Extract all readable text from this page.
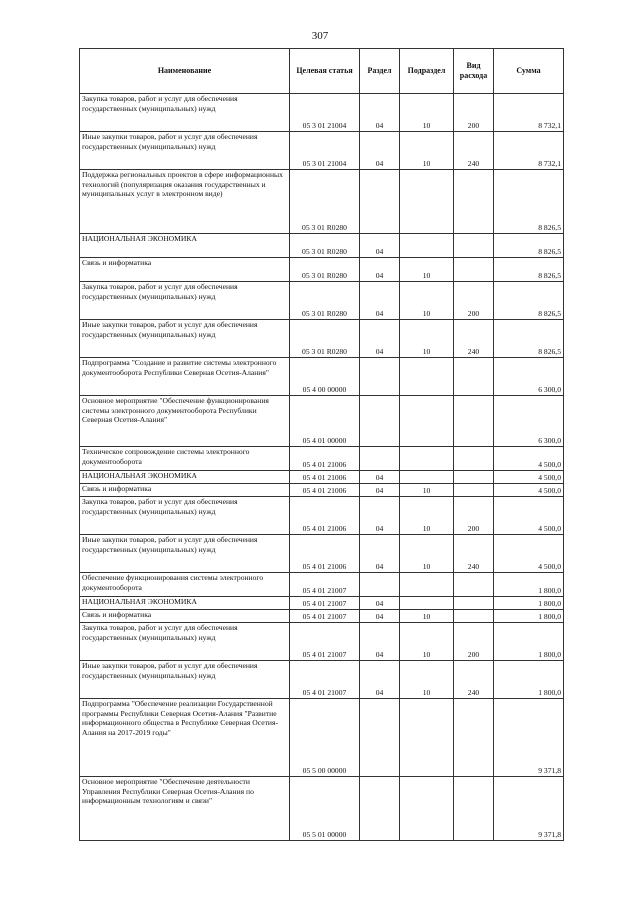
307
Наименование	Целевая статья	Раздел	Подраздел	Вид расхода	Сумма
Закупка товаров, работ и услуг для обеспечения государственных (муниципальных) нужд	05 3 01 21004	04	10	200	8 732,1
Иные закупки товаров, работ и услуг для обеспечения государственных (муниципальных) нужд	05 3 01 21004	04	10	240	8 732,1
Поддержка региональных проектов в сфере информационных технологий (популяризация оказания государственных и муниципальных услуг в электронном виде)	05 3 01 R0280				8 826,5
НАЦИОНАЛЬНАЯ ЭКОНОМИКА	05 3 01 R0280	04			8 826,5
Связь и информатика	05 3 01 R0280	04	10		8 826,5
Закупка товаров, работ и услуг для обеспечения государственных (муниципальных) нужд	05 3 01 R0280	04	10	200	8 826,5
Иные закупки товаров, работ и услуг для обеспечения государственных (муниципальных) нужд	05 3 01 R0280	04	10	240	8 826,5
Подпрограмма "Создание и развитие системы электронного документооборота Республики Северная Осетия-Алания"	05 4 00 00000				6 300,0
Основное мероприятие "Обеспечение функционирования системы электронного документооборота Республики Северная Осетия-Алания"	05 4 01 00000				6 300,0
Техническое сопровождение системы электронного документооборота	05 4 01 21006				4 500,0
НАЦИОНАЛЬНАЯ ЭКОНОМИКА	05 4 01 21006	04			4 500,0
Связь и информатика	05 4 01 21006	04	10		4 500,0
Закупка товаров, работ и услуг для обеспечения государственных (муниципальных) нужд	05 4 01 21006	04	10	200	4 500,0
Иные закупки товаров, работ и услуг для обеспечения государственных (муниципальных) нужд	05 4 01 21006	04	10	240	4 500,0
Обеспечение функционирования системы электронного документооборота	05 4 01 21007				1 800,0
НАЦИОНАЛЬНАЯ ЭКОНОМИКА	05 4 01 21007	04			1 800,0
Связь и информатика	05 4 01 21007	04	10		1 800,0
Закупка товаров, работ и услуг для обеспечения государственных (муниципальных) нужд	05 4 01 21007	04	10	200	1 800,0
Иные закупки товаров, работ и услуг для обеспечения государственных (муниципальных) нужд	05 4 01 21007	04	10	240	1 800,0
Подпрограмма "Обеспечение реализации Государственной программы Республики Северная Осетия-Алания "Развитие информационного общества в Республике Северная Осетия-Алания на 2017-2019 годы"	05 5 00 00000				9 371,8
Основное мероприятие "Обеспечение деятельности Управления Республики Северная Осетия-Алания по информационным технологиям и связи"	05 5 01 00000				9 371,8
